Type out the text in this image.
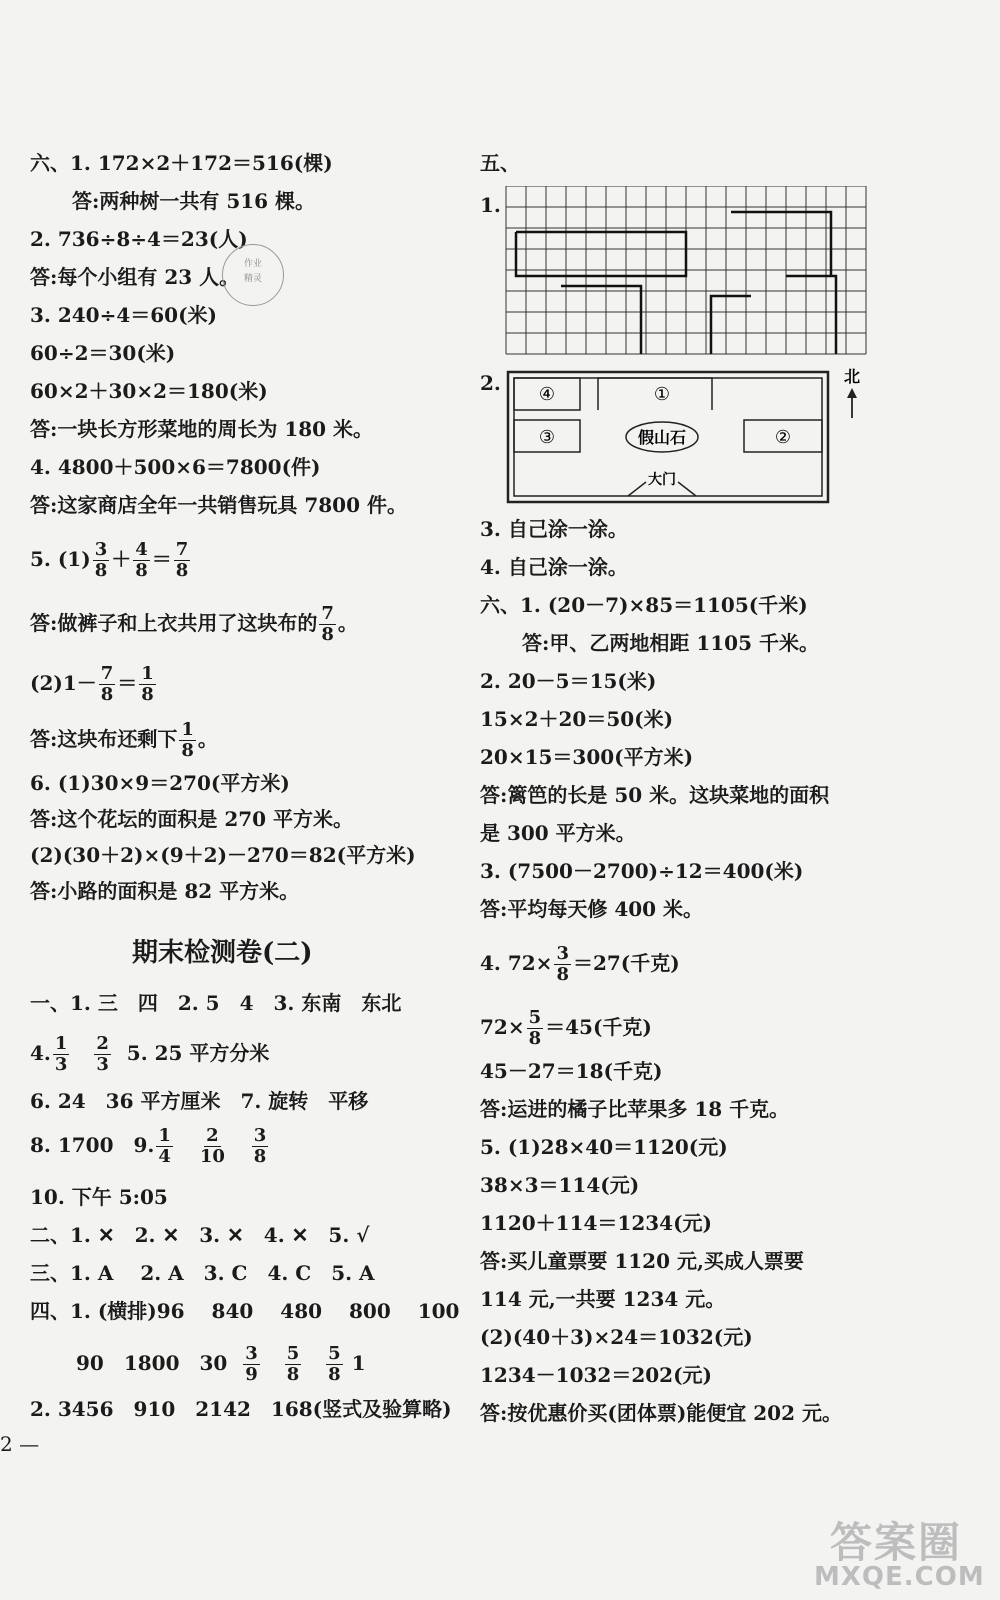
六、1. 172×2＋172＝516(棵)
答:两种树一共有 516 棵。
2. 736÷8÷4＝23(人)
答:每个小组有 23 人。
3. 240÷4＝60(米)
60÷2＝30(米)
60×2＋30×2＝180(米)
答:一块长方形菜地的周长为 180 米。
4. 4800＋500×6＝7800(件)
答:这家商店全年一共销售玩具 7800 件。
5. $(1) \frac{3}{8} + \frac{4}{8} = \frac{7}{8}$
答:做裤子和上衣共用了这块布的 $\frac{7}{8}$ 。
$(2)1- \frac{7}{8} = \frac{1}{8}$
答:这块布还剩下 $\frac{1}{8}$ 。
6. (1)30×9＝270(平方米)
答:这个花坛的面积是 270 平方米。
(2)(30＋2)×(9＋2)－270＝82(平方米)
答:小路的面积是 82 平方米。
期末检测卷(二)
一、1. 三　四　2. 5　4　3. 东南　东北
4. $\frac{1}{3}$
$\frac{2}{3} 5$. 25 平方分米
6. 24　36 平方厘米　7. 旋转　平移
8. 1700　9. $\frac{1}{4}$
$\frac{2}{10}$
$\frac{3}{8}$
10. 下午 5:05
二、1. ✕　2. ✕　3. ✕　4. ✕　5. √
三、1. A　 2. A　3. C　4. C　5. A
四、1. (横排)96　 840　 480　 800　 100
90　1800　$30 \frac{3}{9}$
$\frac{5}{8}$
$\frac{5}{8} 1$
2. 3456　910　2142　168(竖式及验算略)
作业
精灵
2 —
五、
1.
2. ④	①
③	②
假山石
大门
北
3. 自己涂一涂。
4. 自己涂一涂。
六、1. (20－7)×85＝1105(千米)
答:甲、乙两地相距 1105 千米。
2. 20－5＝15(米)
15×2＋20＝50(米)
20×15＝300(平方米)
答:篱笆的长是 50 米。这块菜地的面积
是 300 平方米。
3. (7500－2700)÷12＝400(米)
答:平均每天修 400 米。
4. $72\times \frac{3}{8} =27$(千克)
$72\times \frac{5}{8} =45$(千克)
45－27＝18(千克)
答:运进的橘子比苹果多 18 千克。
5. (1)28×40＝1120(元)
38×3＝114(元)
1120＋114＝1234(元)
答:买儿童票要 1120 元,买成人票要
114 元,一共要 1234 元。
(2)(40＋3)×24＝1032(元)
1234－1032＝202(元)
答:按优惠价买(团体票)能便宜 202 元。
答案圈
MXQE.COM
